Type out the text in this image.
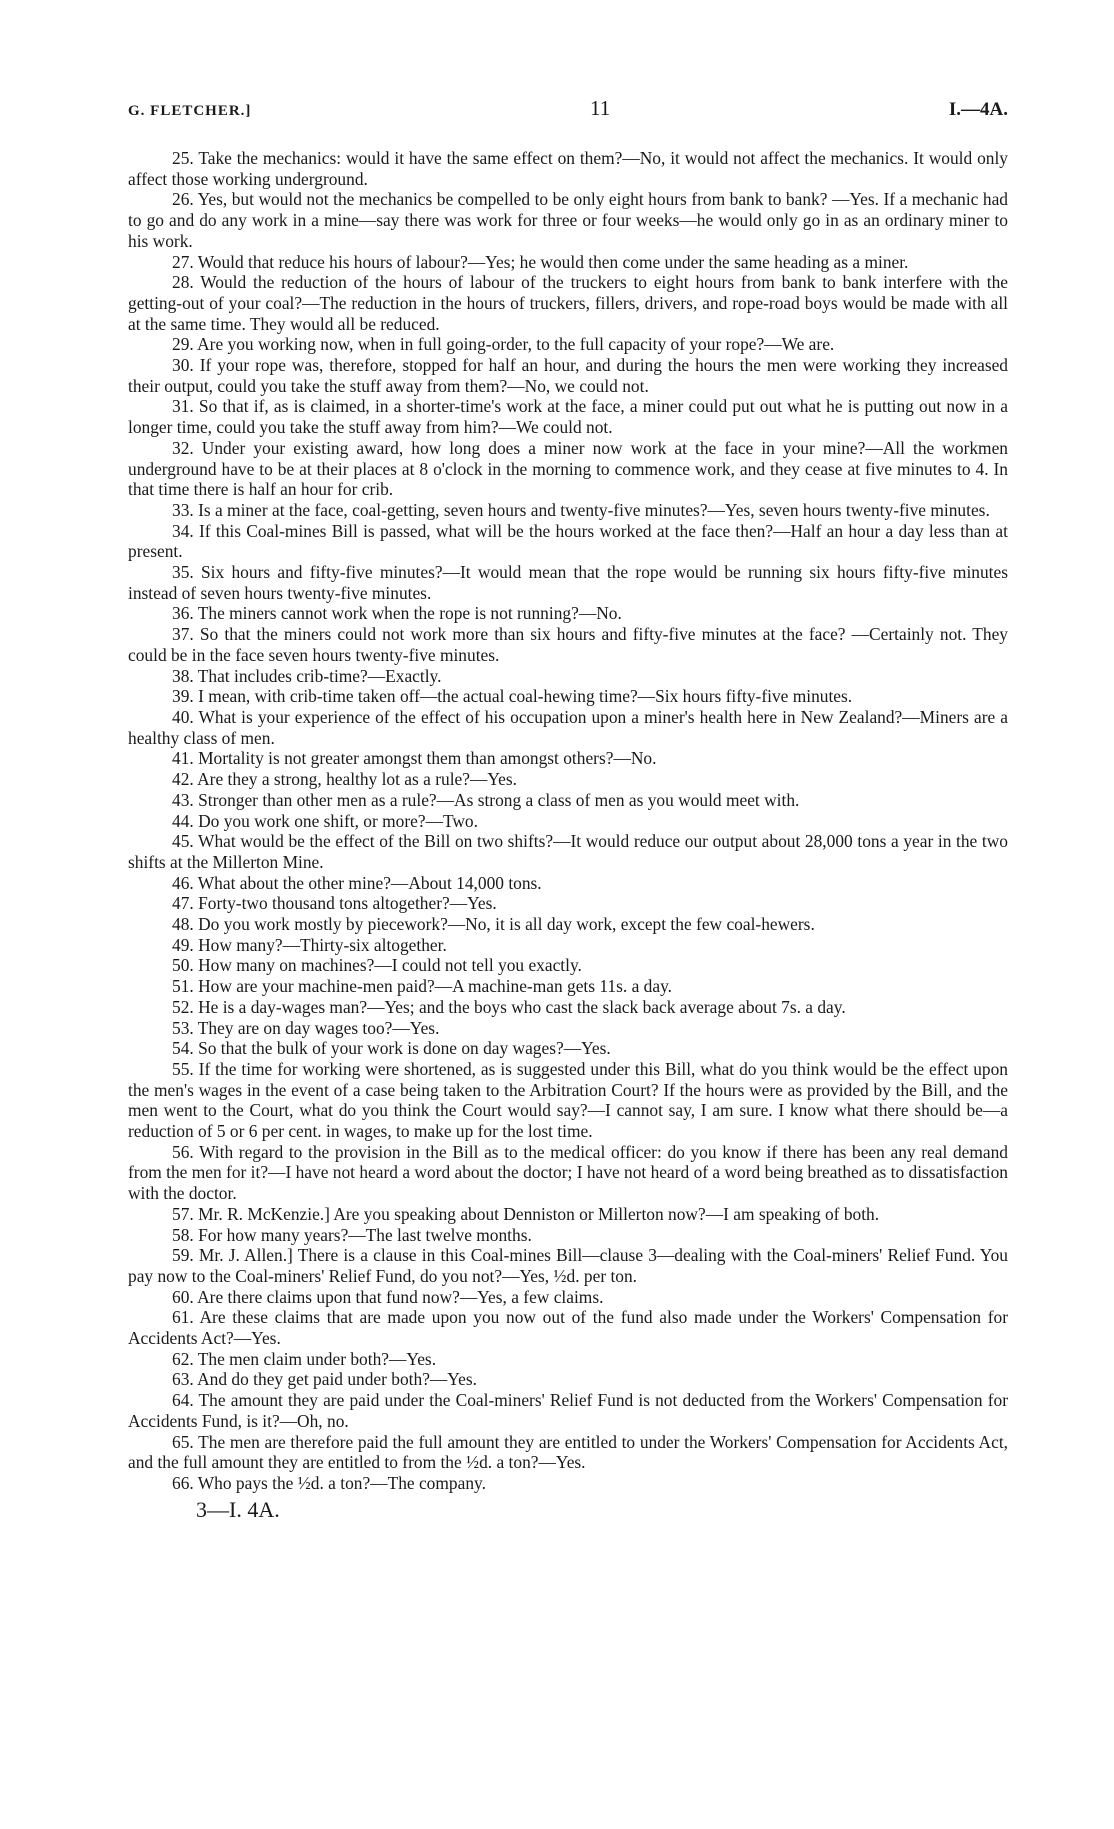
G. FLETCHER.]	11	I.—4A.

25. Take the mechanics: would it have the same effect on them?—No, it would not affect the mechanics. It would only affect those working underground.

26. Yes, but would not the mechanics be compelled to be only eight hours from bank to bank? —Yes. If a mechanic had to go and do any work in a mine—say there was work for three or four weeks—he would only go in as an ordinary miner to his work.

27. Would that reduce his hours of labour?—Yes; he would then come under the same heading as a miner.

28. Would the reduction of the hours of labour of the truckers to eight hours from bank to bank interfere with the getting-out of your coal?—The reduction in the hours of truckers, fillers, drivers, and rope-road boys would be made with all at the same time. They would all be reduced.

29. Are you working now, when in full going-order, to the full capacity of your rope?—We are.

30. If your rope was, therefore, stopped for half an hour, and during the hours the men were working they increased their output, could you take the stuff away from them?—No, we could not.

31. So that if, as is claimed, in a shorter-time's work at the face, a miner could put out what he is putting out now in a longer time, could you take the stuff away from him?—We could not.

32. Under your existing award, how long does a miner now work at the face in your mine?—All the workmen underground have to be at their places at 8 o'clock in the morning to commence work, and they cease at five minutes to 4. In that time there is half an hour for crib.

33. Is a miner at the face, coal-getting, seven hours and twenty-five minutes?—Yes, seven hours twenty-five minutes.

34. If this Coal-mines Bill is passed, what will be the hours worked at the face then?—Half an hour a day less than at present.

35. Six hours and fifty-five minutes?—It would mean that the rope would be running six hours fifty-five minutes instead of seven hours twenty-five minutes.

36. The miners cannot work when the rope is not running?—No.

37. So that the miners could not work more than six hours and fifty-five minutes at the face? —Certainly not. They could be in the face seven hours twenty-five minutes.

38. That includes crib-time?—Exactly.

39. I mean, with crib-time taken off—the actual coal-hewing time?—Six hours fifty-five minutes.

40. What is your experience of the effect of his occupation upon a miner's health here in New Zealand?—Miners are a healthy class of men.

41. Mortality is not greater amongst them than amongst others?—No.

42. Are they a strong, healthy lot as a rule?—Yes.

43. Stronger than other men as a rule?—As strong a class of men as you would meet with.

44. Do you work one shift, or more?—Two.

45. What would be the effect of the Bill on two shifts?—It would reduce our output about 28,000 tons a year in the two shifts at the Millerton Mine.

46. What about the other mine?—About 14,000 tons.

47. Forty-two thousand tons altogether?—Yes.

48. Do you work mostly by piecework?—No, it is all day work, except the few coal-hewers.

49. How many?—Thirty-six altogether.

50. How many on machines?—I could not tell you exactly.

51. How are your machine-men paid?—A machine-man gets 11s. a day.

52. He is a day-wages man?—Yes; and the boys who cast the slack back average about 7s. a day.

53. They are on day wages too?—Yes.

54. So that the bulk of your work is done on day wages?—Yes.

55. If the time for working were shortened, as is suggested under this Bill, what do you think would be the effect upon the men's wages in the event of a case being taken to the Arbitration Court? If the hours were as provided by the Bill, and the men went to the Court, what do you think the Court would say?—I cannot say, I am sure. I know what there should be—a reduction of 5 or 6 per cent. in wages, to make up for the lost time.

56. With regard to the provision in the Bill as to the medical officer: do you know if there has been any real demand from the men for it?—I have not heard a word about the doctor; I have not heard of a word being breathed as to dissatisfaction with the doctor.

57. Mr. R. McKenzie.] Are you speaking about Denniston or Millerton now?—I am speaking of both.

58. For how many years?—The last twelve months.

59. Mr. J. Allen.] There is a clause in this Coal-mines Bill—clause 3—dealing with the Coal-miners' Relief Fund. You pay now to the Coal-miners' Relief Fund, do you not?—Yes, ½d. per ton.

60. Are there claims upon that fund now?—Yes, a few claims.

61. Are these claims that are made upon you now out of the fund also made under the Workers' Compensation for Accidents Act?—Yes.

62. The men claim under both?—Yes.

63. And do they get paid under both?—Yes.

64. The amount they are paid under the Coal-miners' Relief Fund is not deducted from the Workers' Compensation for Accidents Fund, is it?—Oh, no.

65. The men are therefore paid the full amount they are entitled to under the Workers' Compensation for Accidents Act, and the full amount they are entitled to from the ½d. a ton?—Yes.

66. Who pays the ½d. a ton?—The company.

3—I. 4A.
